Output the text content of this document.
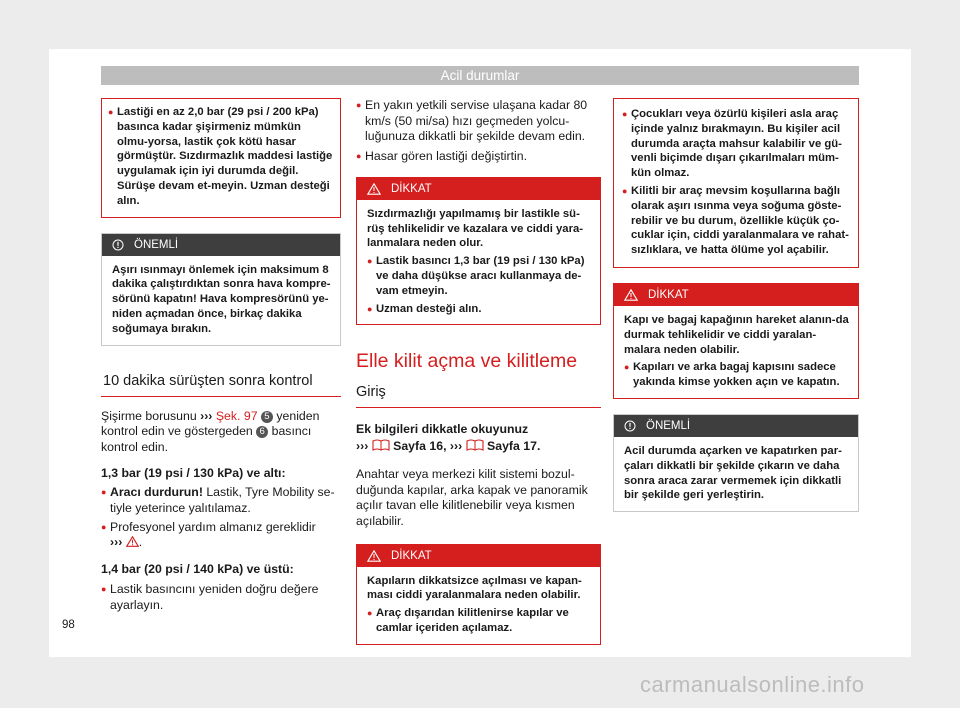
Acil durumlar
● Lastiği en az 2,0 bar (29 psi / 200 kPa) basınca kadar şişirmeniz mümkün olmu-yorsa, lastik çok kötü hasar görmüştür. Sızdırmazlık maddesi lastiğe uygulamak için iyi durumda değil. Sürüşe devam et-meyin. Uzman desteği alın.
ÖNEMLİ
Aşırı ısınmayı önlemek için maksimum 8 dakika çalıştırdıktan sonra hava kompre-sörünü kapatın! Hava kompresörünü ye-niden açmadan önce, birkaç dakika soğumaya bırakın.
10 dakika sürüşten sonra kontrol

Şişirme borusunu ››› Şek. 97 5 yeniden kontrol edin ve göstergeden 6 basıncı kontrol edin.

1,3 bar (19 psi / 130 kPa) ve altı:

● Aracı durdurun! Lastik, Tyre Mobility se-tiyle yeterince yalıtılamaz.
● Profesyonel yardım almanız gereklidir
››› .

1,4 bar (20 psi / 140 kPa) ve üstü:

● Lastik basıncını yeniden doğru değere ayarlayın.
● En yakın yetkili servise ulaşana kadar 80 km/s (50 mi/sa) hızı geçmeden yolcu-luğunuza dikkatli bir şekilde devam edin.
● Hasar gören lastiği değiştirtin.
DİKKAT
Sızdırmazlığı yapılmamış bir lastikle sü-rüş tehlikelidir ve kazalara ve ciddi yara-lanmalara neden olur.
● Lastik basıncı 1,3 bar (19 psi / 130 kPa) ve daha düşükse aracı kullanmaya de-vam etmeyin.
● Uzman desteği alın.
Elle kilit açma ve kilitleme
Giriş

Ek bilgileri dikkatle okuyunuz
››› Sayfa 16, ››› Sayfa 17.

Anahtar veya merkezi kilit sistemi bozul-duğunda kapılar, arka kapak ve panoramik açılır tavan elle kilitlenebilir veya kısmen açılabilir.

DİKKAT
Kapıların dikkatsizce açılması ve kapan-ması ciddi yaralanmalara neden olabilir.
● Araç dışarıdan kilitlenirse kapılar ve camlar içeriden açılamaz.
● Çocukları veya özürlü kişileri asla araç içinde yalnız bırakmayın. Bu kişiler acil durumda araçta mahsur kalabilir ve gü-venli biçimde dışarı çıkarılmaları müm-kün olmaz.
● Kilitli bir araç mevsim koşullarına bağlı olarak aşırı ısınma veya soğuma göste-rebilir ve bu durum, özellikle küçük ço-cuklar için, ciddi yaralanmalara ve rahat-sızlıklara, ve hatta ölüme yol açabilir.
DİKKAT
Kapı ve bagaj kapağının hareket alanın-da durmak tehlikelidir ve ciddi yaralan-malara neden olabilir.
● Kapıları ve arka bagaj kapısını sadece yakında kimse yokken açın ve kapatın.
ÖNEMLİ
Acil durumda açarken ve kapatırken par-çaları dikkatli bir şekilde çıkarın ve daha sonra araca zarar vermemek için dikkatli bir şekilde geri yerleştirin.
98
carmanualsonline.info
